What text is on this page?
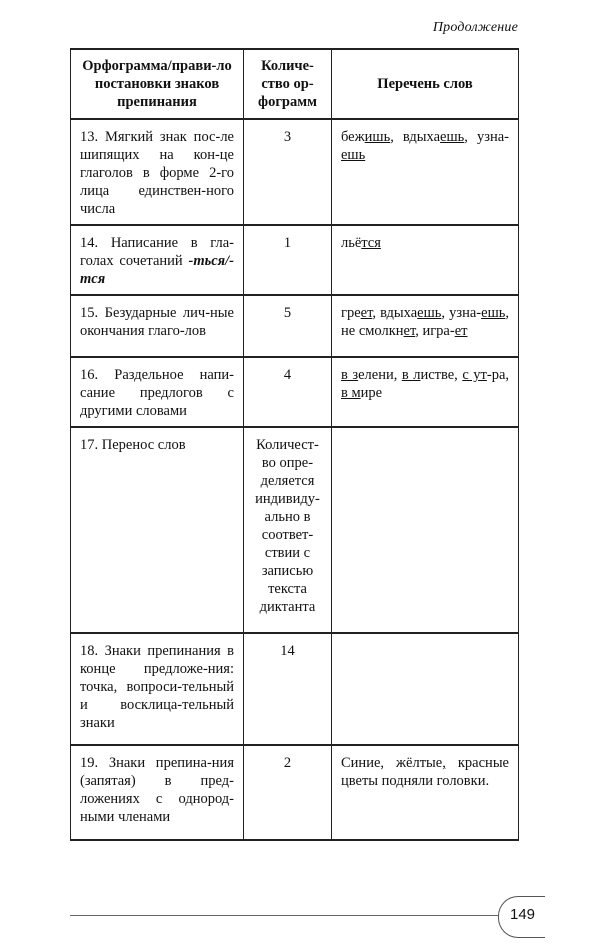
Продолжение
Орфограмма/прави-ло постановки знаков препинания	Количе-ство ор-фограмм	Перечень слов
13. Мягкий знак пос-ле шипящих на кон-це глаголов в форме 2-го лица единствен-ного числа	3	бежишь, вдыхаешь, узна-ешь
14. Написание в гла-голах сочетаний -ться/-тся	1	льётся
15. Безударные лич-ные окончания глаго-лов	5	греет, вдыхаешь, узна-ешь, не смолкнет, игра-ет
16. Раздельное напи-сание предлогов с другими словами	4	в зелени, в листве, с ут-ра, в мире
17. Перенос слов	Количест-во опре-деляется индивиду-ально в соответ-ствии с записью текста диктанта	
18. Знаки препинания в конце предложе-ния: точка, вопроси-тельный и восклица-тельный знаки	14	
19. Знаки препина-ния (запятая) в пред-ложениях с однород-ными членами	2	Синие, жёлтые, красные цветы подняли головки.
149
